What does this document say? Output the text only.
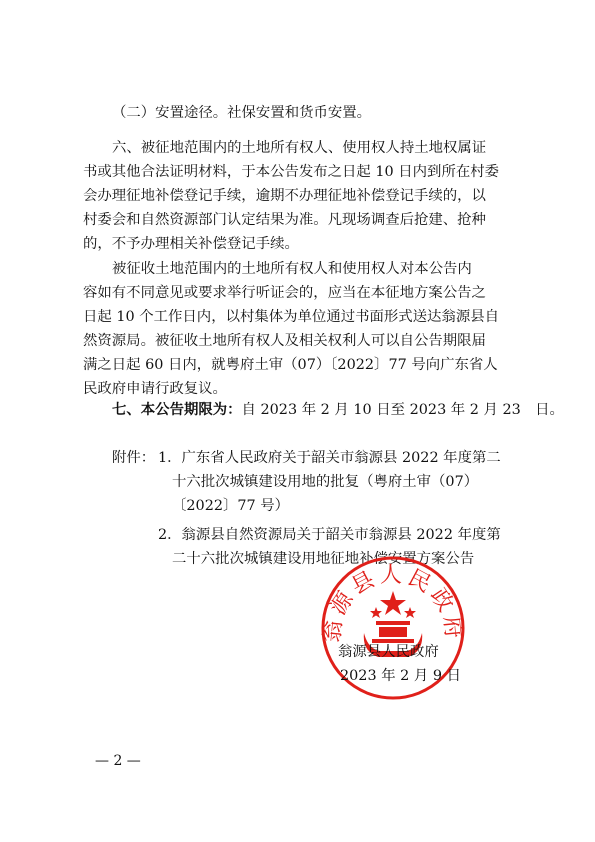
（二）安置途径。社保安置和货币安置。
六、被征地范围内的土地所有权人、使用权人持土地权属证
书或其他合法证明材料，于本公告发布之日起 10 日内到所在村委
会办理征地补偿登记手续，逾期不办理征地补偿登记手续的，以
村委会和自然资源部门认定结果为准。凡现场调查后抢建、抢种
的，不予办理相关补偿登记手续。
被征收土地范围内的土地所有权人和使用权人对本公告内
容如有不同意见或要求举行听证会的，应当在本征地方案公告之
日起 10 个工作日内，以村集体为单位通过书面形式送达翁源县自
然资源局。被征收土地所有权人及相关权利人可以自公告期限届
满之日起 60 日内，就粤府土审（07）〔2022〕77 号向广东省人
民政府申请行政复议。
七、本公告期限为：自 2023 年 2 月 10 日至 2023 年 2 月 23　日。
附件： 1．广东省人民政府关于韶关市翁源县 2022 年度第二
十六批次城镇建设用地的批复（粤府土审（07）
〔2022〕77 号）
2．翁源县自然资源局关于韶关市翁源县 2022 年度第
二十六批次城镇建设用地征地补偿安置方案公告
翁源县人民政府
翁源县人民政府
2023 年 2 月 9 日
— 2 —
